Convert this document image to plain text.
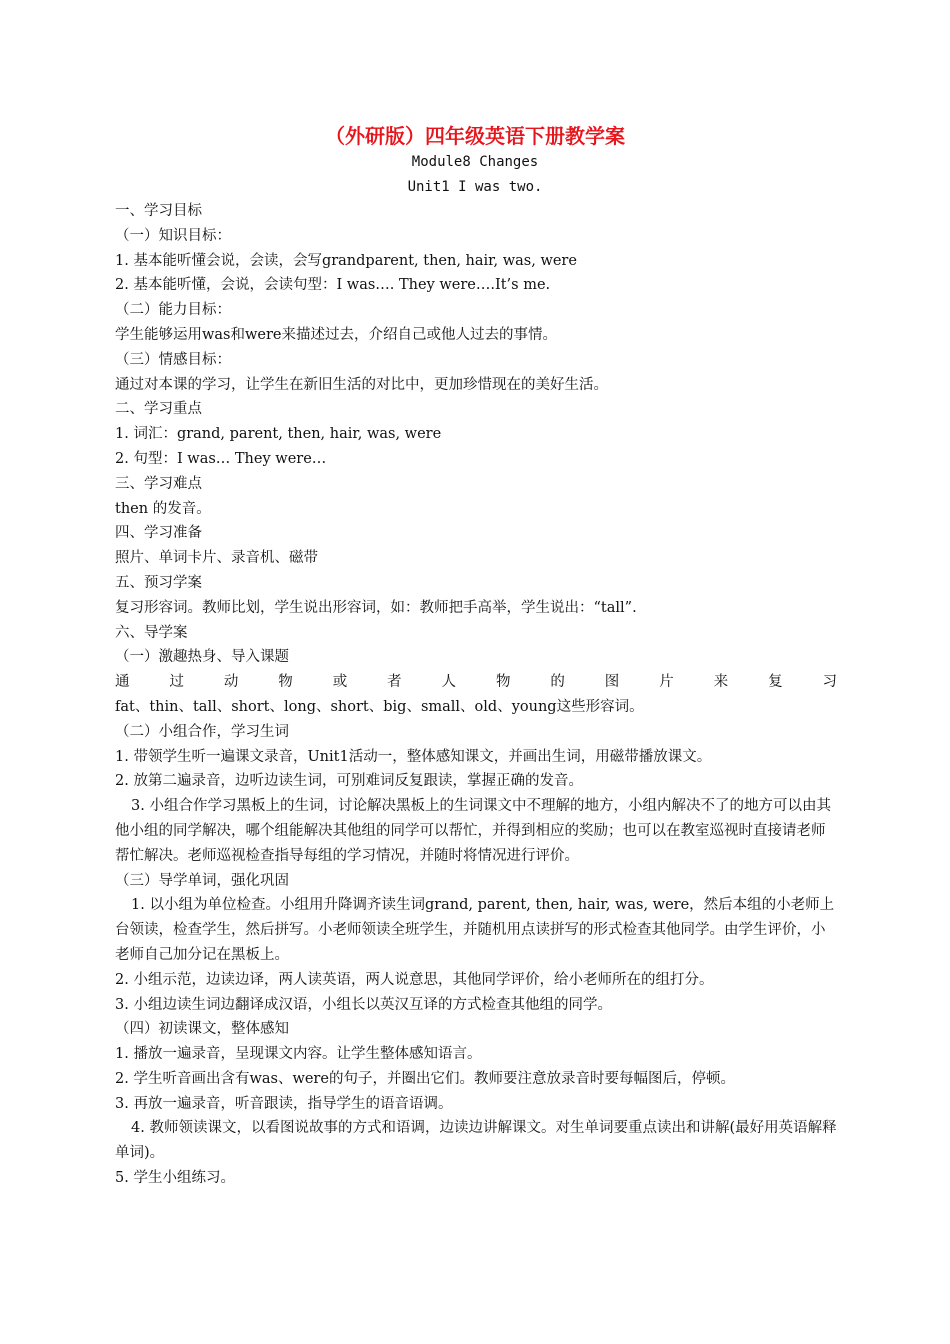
（外研版）四年级英语下册教学案
Module8 Changes
Unit1 I was two.

一、学习目标

（一）知识目标：

1. 基本能听懂会说，会读，会写grandparent, then, hair, was, were

2. 基本能听懂，会说，会读句型：I was…. They were….It’s me.

（二）能力目标：

学生能够运用was和were来描述过去，介绍自己或他人过去的事情。

（三）情感目标：

通过对本课的学习，让学生在新旧生活的对比中，更加珍惜现在的美好生活。

二、学习重点

1. 词汇：grand, parent, then, hair, was, were

2. 句型：I was… They were…

三、学习难点

then 的发音。

四、学习准备

照片、单词卡片、录音机、磁带

五、预习学案

复习形容词。教师比划，学生说出形容词，如：教师把手高举，学生说出：“tall”.

六、导学案

（一）激趣热身、导入课题

通	过	动	物	或	者	人	物	的	图	片	来	复	习

fat、thin、tall、short、long、short、big、small、old、young这些形容词。

（二）小组合作，学习生词

1. 带领学生听一遍课文录音，Unit1活动一，整体感知课文，并画出生词，用磁带播放课文。

2. 放第二遍录音，边听边读生词，可别难词反复跟读，掌握正确的发音。

3. 小组合作学习黑板上的生词，讨论解决黑板上的生词课文中不理解的地方，小组内解决不了的地方可以由其他小组的同学解决，哪个组能解决其他组的同学可以帮忙，并得到相应的奖励；也可以在教室巡视时直接请老师帮忙解决。老师巡视检查指导每组的学习情况，并随时将情况进行评价。

（三）导学单词，强化巩固

1. 以小组为单位检查。小组用升降调齐读生词grand, parent, then, hair, was, were，然后本组的小老师上台领读，检查学生，然后拼写。小老师领读全班学生，并随机用点读拼写的形式检查其他同学。由学生评价，小老师自己加分记在黑板上。

2. 小组示范，边读边译，两人读英语，两人说意思，其他同学评价，给小老师所在的组打分。

3. 小组边读生词边翻译成汉语，小组长以英汉互译的方式检查其他组的同学。

（四）初读课文，整体感知

1. 播放一遍录音，呈现课文内容。让学生整体感知语言。

2. 学生听音画出含有was、were的句子，并圈出它们。教师要注意放录音时要每幅图后，停顿。

3. 再放一遍录音，听音跟读，指导学生的语音语调。

4. 教师领读课文，以看图说故事的方式和语调，边读边讲解课文。对生单词要重点读出和讲解(最好用英语解释单词)。

5. 学生小组练习。
